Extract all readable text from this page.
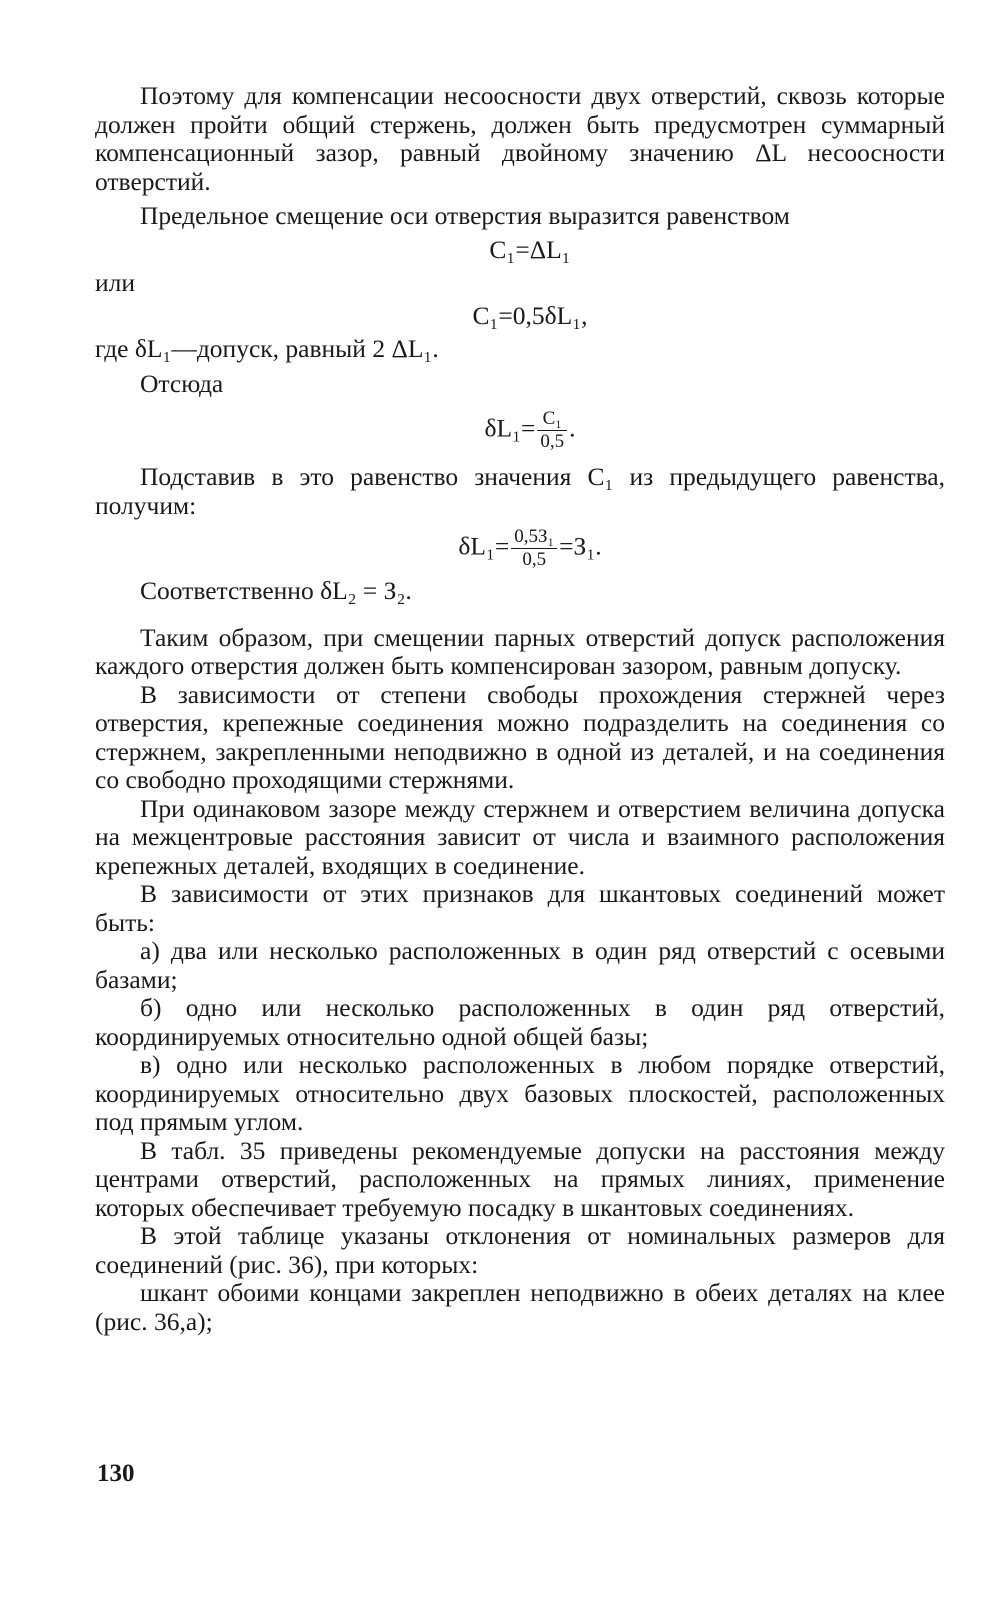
Поэтому для компенсации несоосности двух отверстий, сквозь которые должен пройти общий стержень, должен быть предусмотрен суммарный компенсационный зазор, равный двойному значению ΔL несоосности отверстий.

Предельное смещение оси отверстия выразится равенством

C₁=ΔL₁

или

C₁=0,5δL₁,

где δL₁—допуск, равный 2 ΔL₁.

Отсюда

$\delta L_1= \frac{\text{C₁}}{0,5}$ .

Подставив в это равенство значения C₁ из предыдущего равенства, получим:

$\delta L_1= \frac{\text{0,5З₁}}{0,5} =З_1$.

Соответственно δL₂ = З₂.

Таким образом, при смещении парных отверстий допуск расположения каждого отверстия должен быть компенсирован зазором, равным допуску.

В зависимости от степени свободы прохождения стержней через отверстия, крепежные соединения можно подразделить на соединения со стержнем, закрепленными неподвижно в одной из деталей, и на соединения со свободно проходящими стержнями.

При одинаковом зазоре между стержнем и отверстием величина допуска на межцентровые расстояния зависит от числа и взаимного расположения крепежных деталей, входящих в соединение.

В зависимости от этих признаков для шкантовых соединений может быть:

а) два или несколько расположенных в один ряд отверстий с осевыми базами;

б) одно или несколько расположенных в один ряд отверстий, координируемых относительно одной общей базы;

в) одно или несколько расположенных в любом порядке отверстий, координируемых относительно двух базовых плоскостей, расположенных под прямым углом.

В табл. 35 приведены рекомендуемые допуски на расстояния между центрами отверстий, расположенных на прямых линиях, применение которых обеспечивает требуемую посадку в шкантовых соединениях.

В этой таблице указаны отклонения от номинальных размеров для соединений (рис. 36), при которых:

шкант обоими концами закреплен неподвижно в обеих деталях на клее (рис. 36,а);

130
